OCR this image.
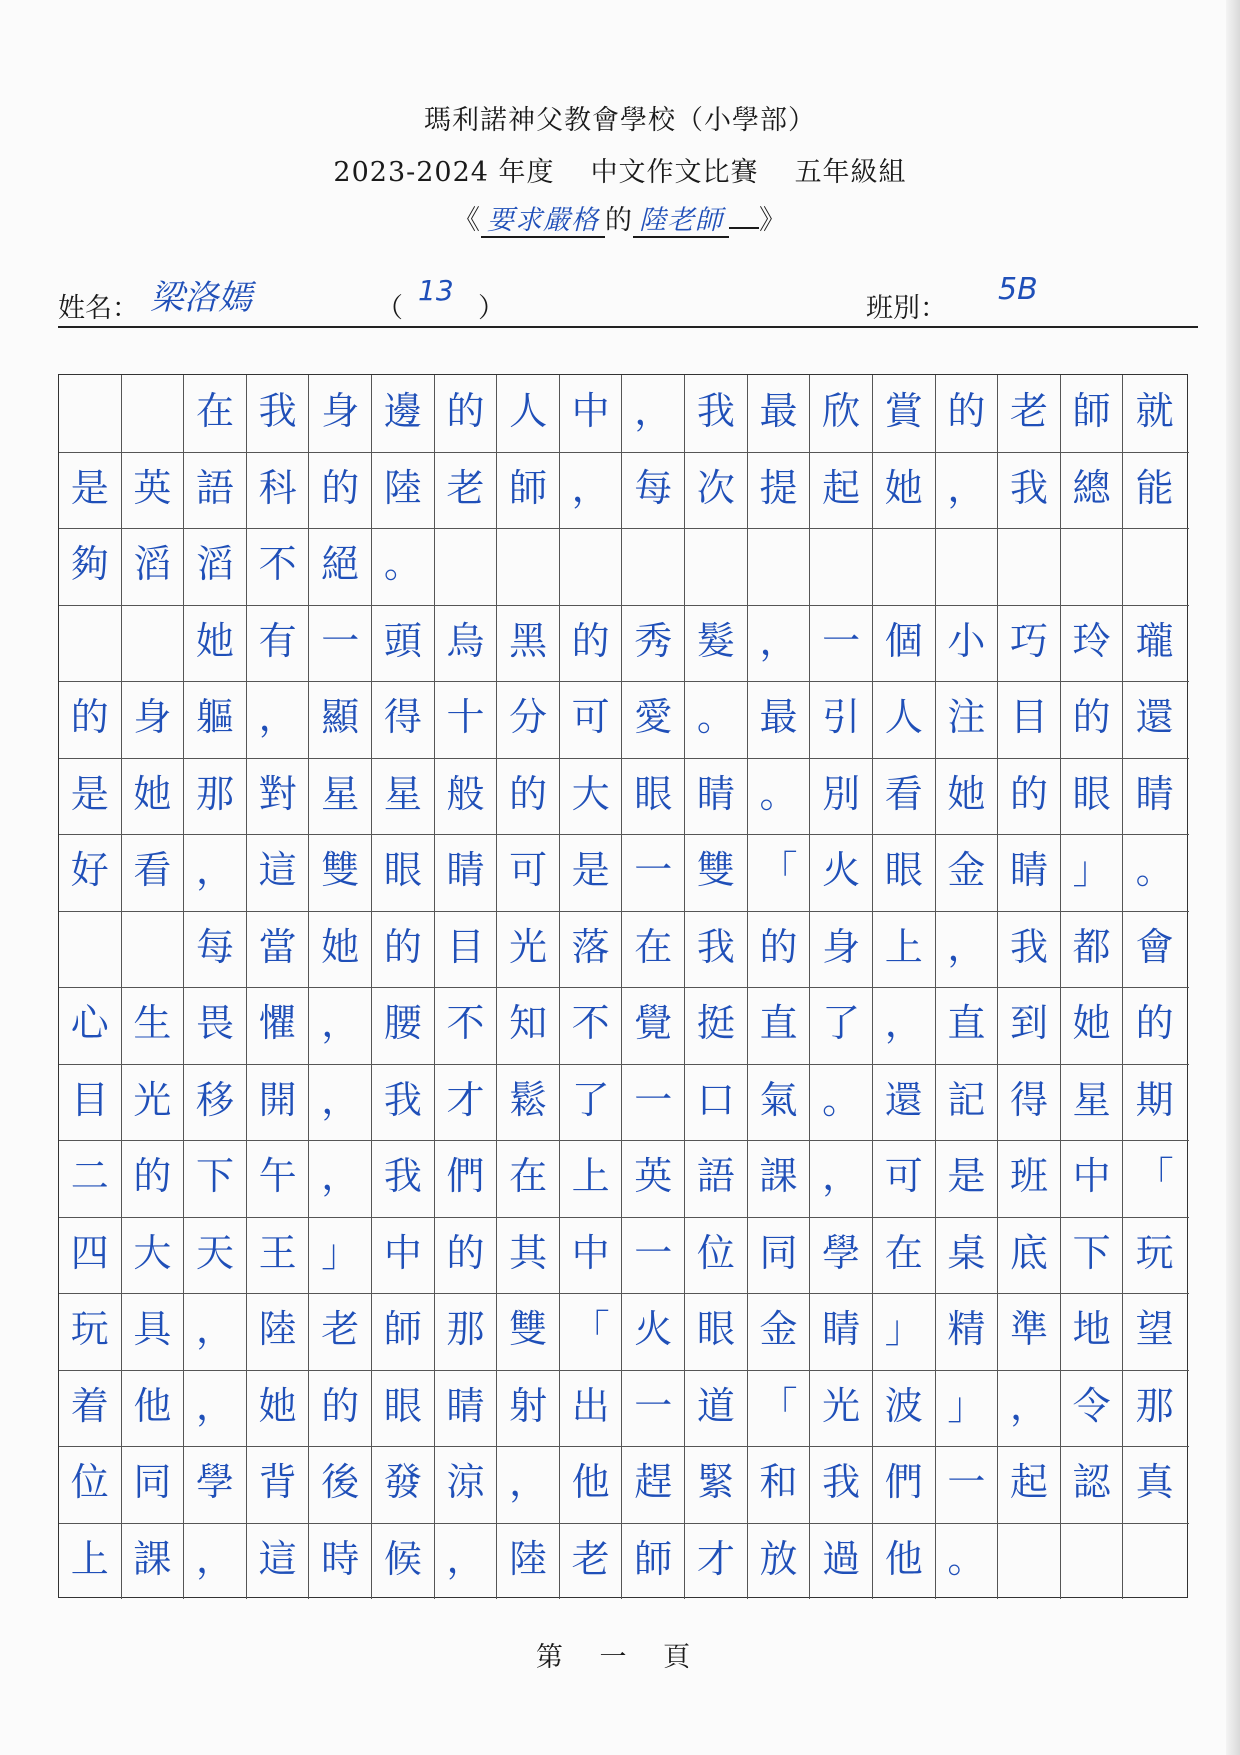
瑪利諾神父教會學校（小學部）
2023-2024 年度 中文作文比賽 五年級組
《 要求嚴格 的 陸老師 》
姓名： 梁洛嫣	（
13
）	班別：
5B
在 我 身 邊 的 人 中 ， 我 最 欣 賞 的 老 師 就
是 英 語 科 的 陸 老 師 ， 每 次 提 起 她 ， 我 總 能
夠 滔 滔 不 絕 。
她 有 一 頭 烏 黑 的 秀 髮 ， 一 個 小 巧 玲 瓏
的 身 軀 ， 顯 得 十 分 可 愛 。 最 引 人 注 目 的 還
是 她 那 對 星 星 般 的 大 眼 睛 。 別 看 她 的 眼 睛
好 看 ， 這 雙 眼 睛 可 是 一 雙 「 火 眼 金 睛 」 。
每 當 她 的 目 光 落 在 我 的 身 上 ， 我 都 會
心 生 畏 懼 ， 腰 不 知 不 覺 挺 直 了 ， 直 到 她 的
目 光 移 開 ， 我 才 鬆 了 一 口 氣 。 還 記 得 星 期
二 的 下 午 ， 我 們 在 上 英 語 課 ， 可 是 班 中 「
四 大 天 王 」 中 的 其 中 一 位 同 學 在 桌 底 下 玩
玩 具 ， 陸 老 師 那 雙 「 火 眼 金 睛 」 精 準 地 望
着 他 ， 她 的 眼 睛 射 出 一 道 「 光 波 」 ， 令 那
位 同 學 背 後 發 涼 ， 他 趕 緊 和 我 們 一 起 認 真
上 課 ， 這 時 候 ， 陸 老 師 才 放 過 他 。
第 一 頁
